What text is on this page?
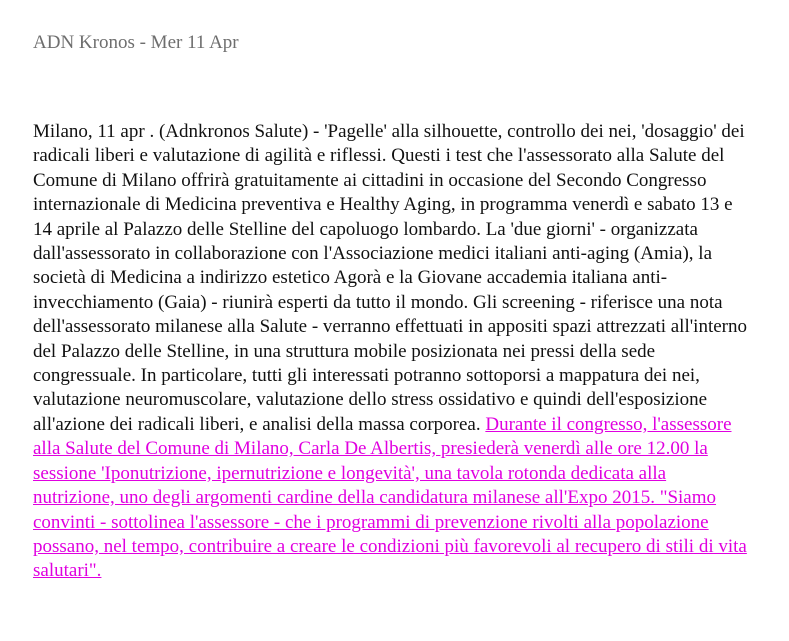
ADN Kronos - Mer 11 Apr
Milano, 11 apr . (Adnkronos Salute) - 'Pagelle' alla silhouette, controllo dei nei, 'dosaggio' dei radicali liberi e valutazione di agilità e riflessi. Questi i test che l'assessorato alla Salute del Comune di Milano offrirà gratuitamente ai cittadini in occasione del Secondo Congresso internazionale di Medicina preventiva e Healthy Aging, in programma venerdì e sabato 13 e 14 aprile al Palazzo delle Stelline del capoluogo lombardo. La 'due giorni' - organizzata dall'assessorato in collaborazione con l'Associazione medici italiani anti-aging (Amia), la società di Medicina a indirizzo estetico Agorà e la Giovane accademia italiana anti-invecchiamento (Gaia) - riunirà esperti da tutto il mondo. Gli screening - riferisce una nota dell'assessorato milanese alla Salute - verranno effettuati in appositi spazi attrezzati all'interno del Palazzo delle Stelline, in una struttura mobile posizionata nei pressi della sede congressuale. In particolare, tutti gli interessati potranno sottoporsi a mappatura dei nei, valutazione neuromuscolare, valutazione dello stress ossidativo e quindi dell'esposizione all'azione dei radicali liberi, e analisi della massa corporea. Durante il congresso, l'assessore alla Salute del Comune di Milano, Carla De Albertis, presiederà venerdì alle ore 12.00 la sessione 'Iponutrizione, ipernutrizione e longevità', una tavola rotonda dedicata alla nutrizione, uno degli argomenti cardine della candidatura milanese all'Expo 2015. "Siamo convinti - sottolinea l'assessore - che i programmi di prevenzione rivolti alla popolazione possano, nel tempo, contribuire a creare le condizioni più favorevoli al recupero di stili di vita salutari".
